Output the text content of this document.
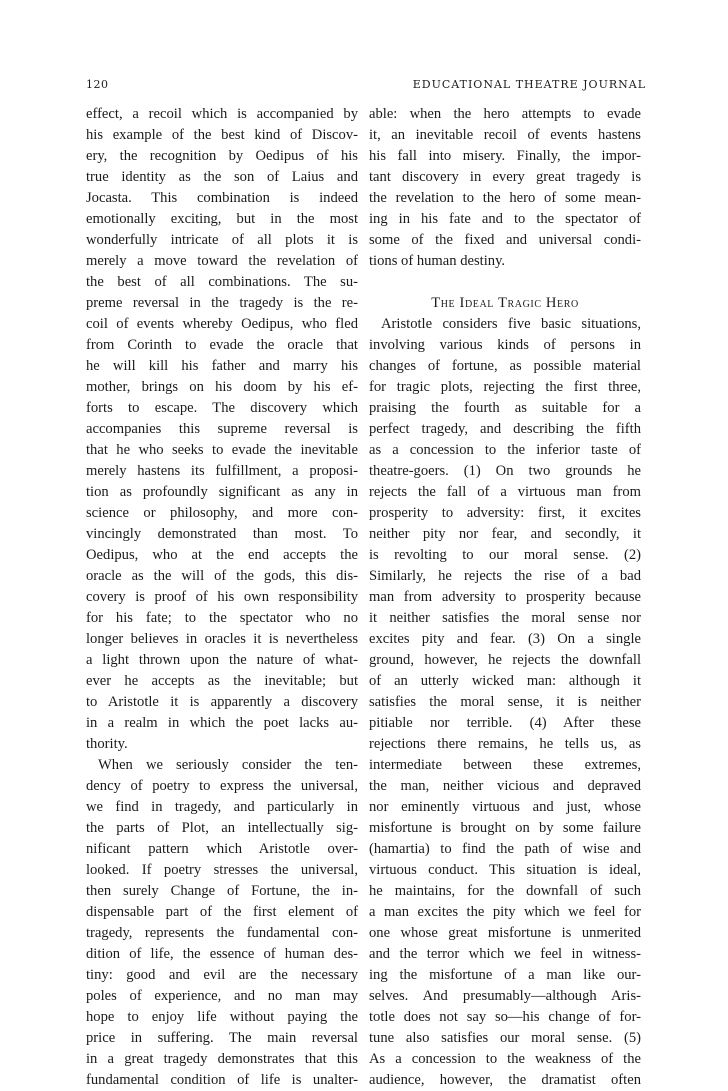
120	EDUCATIONAL THEATRE JOURNAL
effect, a recoil which is accompanied by
his example of the best kind of Discov-
ery, the recognition by Oedipus of his
true identity as the son of Laius and
Jocasta. This combination is indeed
emotionally exciting, but in the most
wonderfully intricate of all plots it is
merely a move toward the revelation of
the best of all combinations. The su-
preme reversal in the tragedy is the re-
coil of events whereby Oedipus, who fled
from Corinth to evade the oracle that
he will kill his father and marry his
mother, brings on his doom by his ef-
forts to escape. The discovery which
accompanies this supreme reversal is
that he who seeks to evade the inevitable
merely hastens its fulfillment, a proposi-
tion as profoundly significant as any in
science or philosophy, and more con-
vincingly demonstrated than most. To
Oedipus, who at the end accepts the
oracle as the will of the gods, this dis-
covery is proof of his own responsibility
for his fate; to the spectator who no
longer believes in oracles it is nevertheless
a light thrown upon the nature of what-
ever he accepts as the inevitable; but
to Aristotle it is apparently a discovery
in a realm in which the poet lacks au-
thority.
When we seriously consider the ten-
dency of poetry to express the universal,
we find in tragedy, and particularly in
the parts of Plot, an intellectually sig-
nificant pattern which Aristotle over-
looked. If poetry stresses the universal,
then surely Change of Fortune, the in-
dispensable part of the first element of
tragedy, represents the fundamental con-
dition of life, the essence of human des-
tiny: good and evil are the necessary
poles of experience, and no man may
hope to enjoy life without paying the
price in suffering. The main reversal
in a great tragedy demonstrates that this
fundamental condition of life is unalter-
able: when the hero attempts to evade
it, an inevitable recoil of events hastens
his fall into misery. Finally, the impor-
tant discovery in every great tragedy is
the revelation to the hero of some mean-
ing in his fate and to the spectator of
some of the fixed and universal condi-
tions of human destiny.
The Ideal Tragic Hero
Aristotle considers five basic situations,
involving various kinds of persons in
changes of fortune, as possible material
for tragic plots, rejecting the first three,
praising the fourth as suitable for a
perfect tragedy, and describing the fifth
as a concession to the inferior taste of
theatre-goers. (1) On two grounds he
rejects the fall of a virtuous man from
prosperity to adversity: first, it excites
neither pity nor fear, and secondly, it
is revolting to our moral sense. (2)
Similarly, he rejects the rise of a bad
man from adversity to prosperity because
it neither satisfies the moral sense nor
excites pity and fear. (3) On a single
ground, however, he rejects the downfall
of an utterly wicked man: although it
satisfies the moral sense, it is neither
pitiable nor terrible. (4) After these
rejections there remains, he tells us, as
intermediate between these extremes,
the man, neither vicious and depraved
nor eminently virtuous and just, whose
misfortune is brought on by some failure
(hamartia) to find the path of wise and
virtuous conduct. This situation is ideal,
he maintains, for the downfall of such
a man excites the pity which we feel for
one whose great misfortune is unmerited
and the terror which we feel in witness-
ing the misfortune of a man like our-
selves. And presumably—although Aris-
totle does not say so—his change of for-
tune also satisfies our moral sense. (5)
As a concession to the weakness of the
audience, however, the dramatist often
